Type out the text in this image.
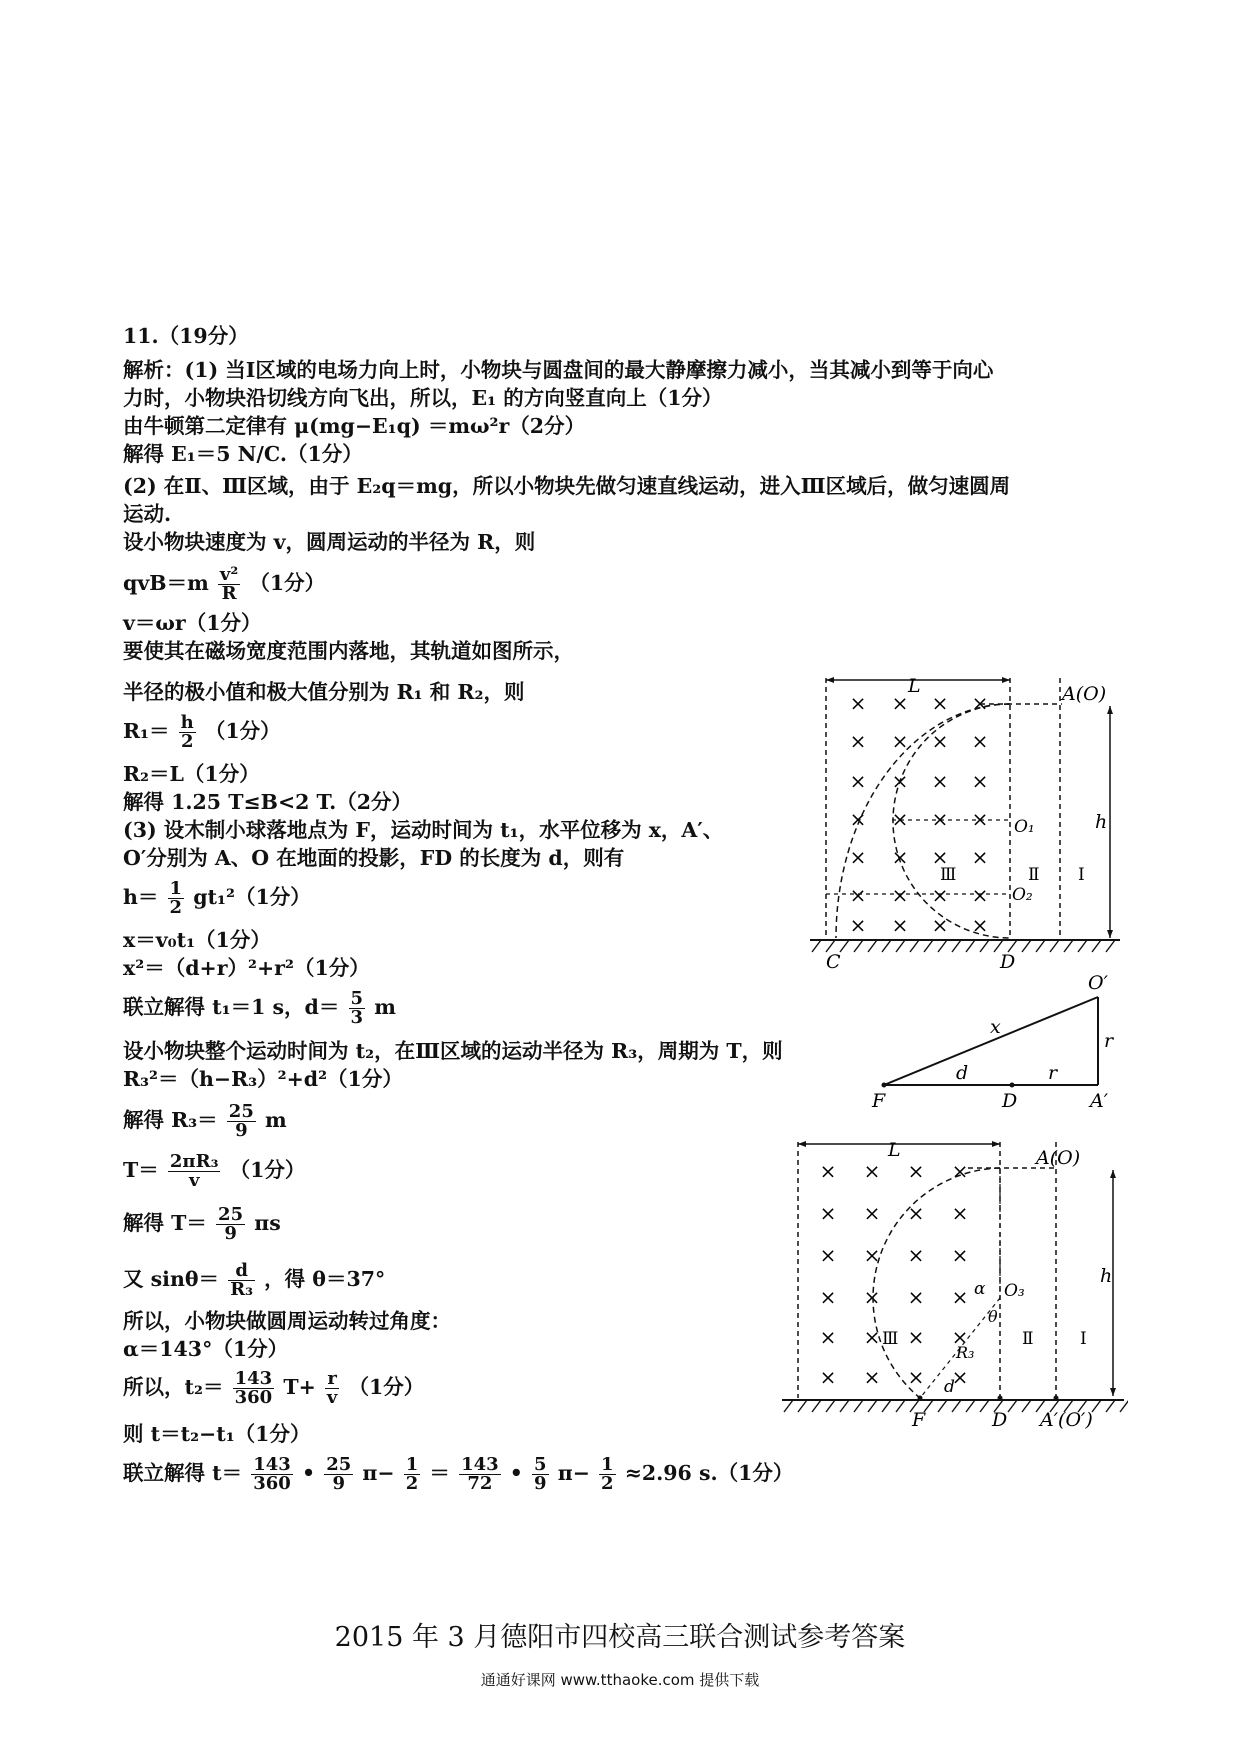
11.（19分）
解析：(1) 当Ⅰ区域的电场力向上时，小物块与圆盘间的最大静摩擦力减小，当其减小到等于向心
力时，小物块沿切线方向飞出，所以，E₁ 的方向竖直向上（1分）
由牛顿第二定律有 μ(mg−E₁q) ＝mω²r（2分）
解得 E₁＝5 N/C.（1分）
(2) 在Ⅱ、Ⅲ区域，由于 E₂q＝mg，所以小物块先做匀速直线运动，进入Ⅲ区域后，做匀速圆周
运动.
设小物块速度为 v，圆周运动的半径为 R，则
$qvB=m \frac{\text{v²}}{R} (1$分）
v＝ωr（1分）
要使其在磁场宽度范围内落地，其轨道如图所示，
半径的极小值和极大值分别为 R₁ 和 R₂，则
$R_1= \frac{h}{2} (1$分）
R₂＝L（1分）
解得 1.25 T≤B<2 T.（2分）
(3) 设木制小球落地点为 F，运动时间为 t₁，水平位移为 x，A′、
O′分别为 A、O 在地面的投影，FD 的长度为 d，则有
$h= \frac{1}{2} gt_1^2(1$分）
x＝v₀t₁（1分）
x²＝（d+r）²+r²（1分）
联立解得 t₁＝1 s，$d= \frac{5}{3}$ m
设小物块整个运动时间为 t₂，在Ⅲ区域的运动半径为 R₃，周期为 T，则
R₃²＝（h−R₃）²+d²（1分）
解得 $R_3= \frac{25}{9}$ m
$T= \frac{\text{2πR₃}}{v} (1$分）
解得 $T= \frac{25}{9}$ πs
又 $\sin\theta= \frac{d}{\text{R₃}}$ ，得 θ＝37°
所以，小物块做圆周运动转过角度：
α＝143°（1分）
所以，$t_2= \frac{143}{360} T+ \frac{r}{v} (1$分）
则 t＝t₂−t₁（1分）
联立解得 $t= \frac{143}{360}$ • $\frac{25}{9} \pi- \frac{1}{2} = \frac{143}{72}$ • $\frac{5}{9} \pi- \frac{1}{2} \approx 2.96$ s.（1分）
× × × ×
× × × ×
× × × ×
× × × ×
× × × ×
× × × ×
× × × ×
L	A(O)
h
O₁
O₂
Ⅲ	Ⅱ Ⅰ
C	D
O′
x
r
d	r
F	D	A′
× × × ×
× × × ×
× × × ×
× × × ×
× × × ×
× × × ×
L	A(O)
h
α O₃
θ
R₃
d
Ⅲ	Ⅱ	Ⅰ
F	D A′(O′)
2015 年 3 月德阳市四校高三联合测试参考答案
通通好课网 www.tthaoke.com 提供下载
